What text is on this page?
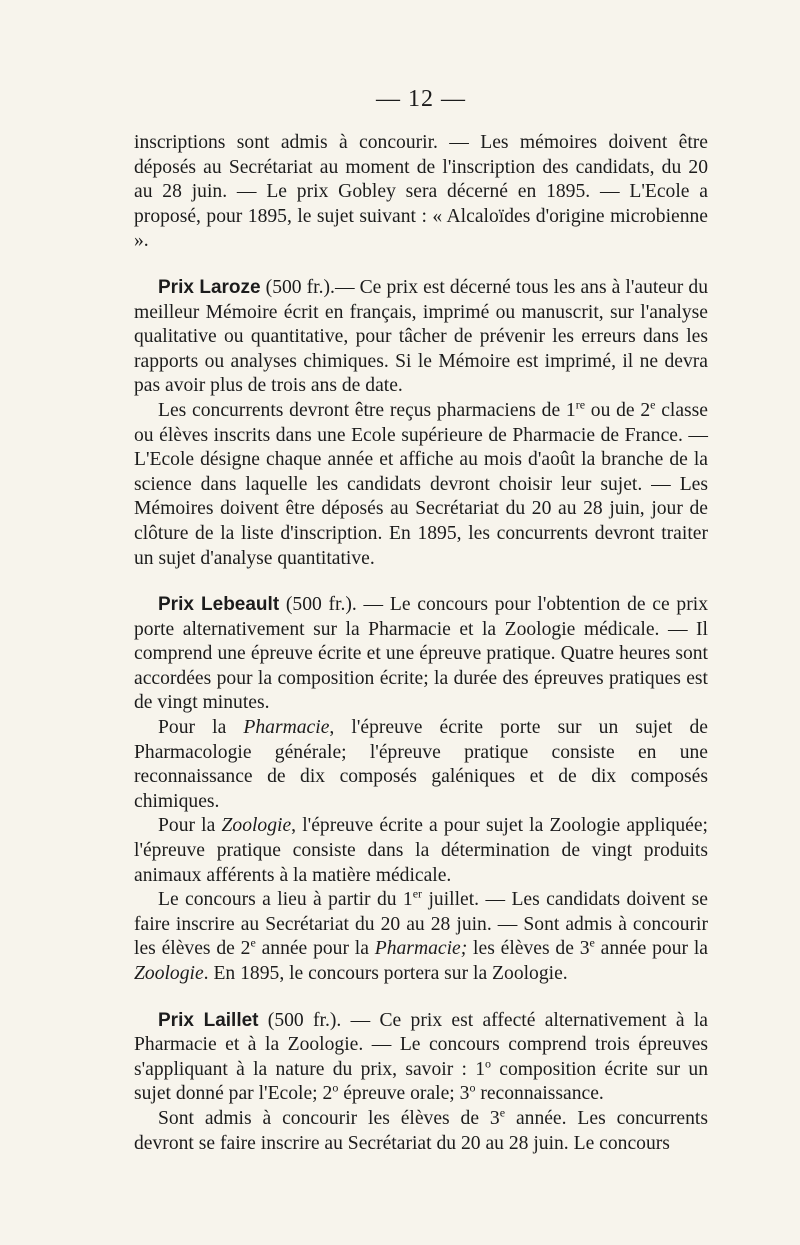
— 12 —

inscriptions sont admis à concourir. — Les mémoires doivent être déposés au Secrétariat au moment de l'inscription des candidats, du 20 au 28 juin. — Le prix Gobley sera décerné en 1895. — L'Ecole a proposé, pour 1895, le sujet suivant : « Alcaloïdes d'origine microbienne ».

Prix Laroze (500 fr.).— Ce prix est décerné tous les ans à l'auteur du meilleur Mémoire écrit en français, imprimé ou manuscrit, sur l'analyse qualitative ou quantitative, pour tâcher de prévenir les erreurs dans les rapports ou analyses chimiques. Si le Mémoire est imprimé, il ne devra pas avoir plus de trois ans de date.

Les concurrents devront être reçus pharmaciens de 1re ou de 2e classe ou élèves inscrits dans une Ecole supérieure de Pharmacie de France. — L'Ecole désigne chaque année et affiche au mois d'août la branche de la science dans laquelle les candidats devront choisir leur sujet. — Les Mémoires doivent être déposés au Secrétariat du 20 au 28 juin, jour de clôture de la liste d'inscription. En 1895, les concurrents devront traiter un sujet d'analyse quantitative.

Prix Lebeault (500 fr.). — Le concours pour l'obtention de ce prix porte alternativement sur la Pharmacie et la Zoologie médicale. — Il comprend une épreuve écrite et une épreuve pratique. Quatre heures sont accordées pour la composition écrite; la durée des épreuves pratiques est de vingt minutes.

Pour la Pharmacie, l'épreuve écrite porte sur un sujet de Pharmacologie générale; l'épreuve pratique consiste en une reconnaissance de dix composés galéniques et de dix composés chimiques.

Pour la Zoologie, l'épreuve écrite a pour sujet la Zoologie appliquée; l'épreuve pratique consiste dans la détermination de vingt produits animaux afférents à la matière médicale.

Le concours a lieu à partir du 1er juillet. — Les candidats doivent se faire inscrire au Secrétariat du 20 au 28 juin. — Sont admis à concourir les élèves de 2e année pour la Pharmacie; les élèves de 3e année pour la Zoologie. En 1895, le concours portera sur la Zoologie.

Prix Laillet (500 fr.). — Ce prix est affecté alternativement à la Pharmacie et à la Zoologie. — Le concours comprend trois épreuves s'appliquant à la nature du prix, savoir : 1$^o$ composition écrite sur un sujet donné par l'Ecole; 2$^o$ épreuve orale; 3$^o$ reconnaissance.

Sont admis à concourir les élèves de 3e année. Les concurrents devront se faire inscrire au Secrétariat du 20 au 28 juin. Le concours
